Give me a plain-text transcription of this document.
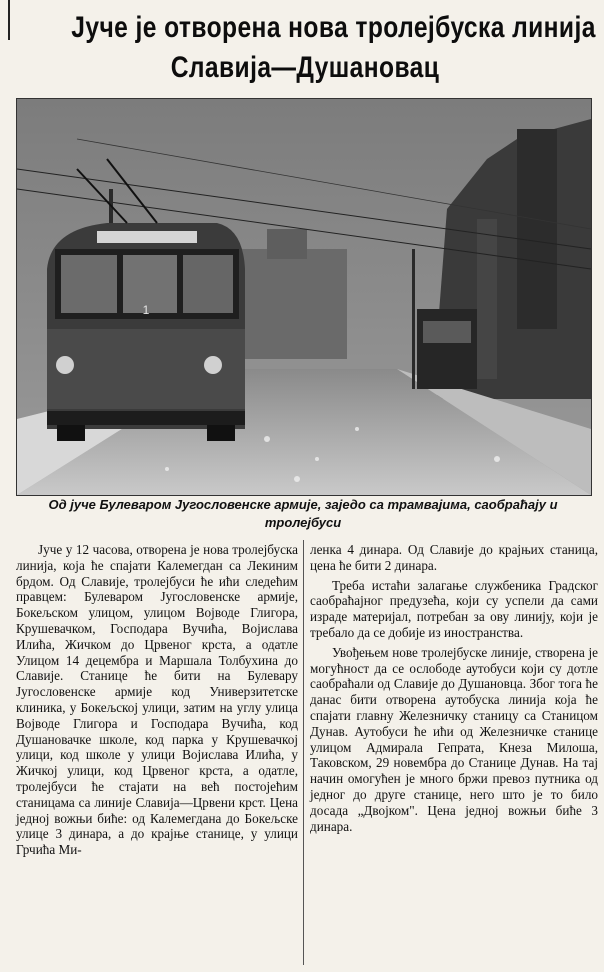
Јуче је отворена нова тролејбуска линија
Славија—Душановац
1
Од јуче Булеваром Југословенске армије, заједо са трамвајима, саобраћају и тролејбуси

Јуче у 12 часова, отворена је нова тролејбуска линија, која ће спајати Калемегдан са Лекиним брдом. Од Славије, тролејбуси ће ићи следећим правцем: Булеваром Југословенске армије, Бокељском улицом, улицом Војводе Глигора, Крушевачком, Господара Вучића, Војислава Илића, Жичком до Црвеног крста, а одатле Улицом 14 децембра и Маршала Толбухина до Славије. Станице ће бити на Булевару Југословенске армије код Универзитетске клиника, у Бокељској улици, затим на углу улица Војводе Глигора и Господара Вучића, код Душановачке школе, код парка у Крушевачкој улици, код школе у улици Војислава Илића, у Жичкој улици, код Црвеног крста, а одатле, тролејбуси ће стајати на већ постојећим станицама са линије Славија—Црвени крст. Цена једној вожњи биће: од Калемегдана до Бокељске улице 3 динара, а до крајње станице, у улици Грчића Ми-

ленка 4 динара. Од Славије до крајњих станица, цена ће бити 2 динара.

Треба истаћи залагање службеника Градског саобраћајног предузећа, који су успели да сами израде материјал, потребан за ову линију, који је требало да се добије из иностранства.

Увођењем нове тролејбуске линије, створена је могућност да се ослободе аутобуси који су дотле саобраћали од Славије до Душановца. Због тога ће данас бити отворена аутобуска линија која ће спајати главну Железничку станицу са Станицом Дунав. Аутобуси ће ићи од Железничке станице улицом Адмирала Гепрата, Кнеза Милоша, Таковском, 29 новембра до Станице Дунав. На тај начин омогућен је много бржи превоз путника од једног до друге станице, него што је то било досада „Двојком". Цена једној вожњи биће 3 динара.
